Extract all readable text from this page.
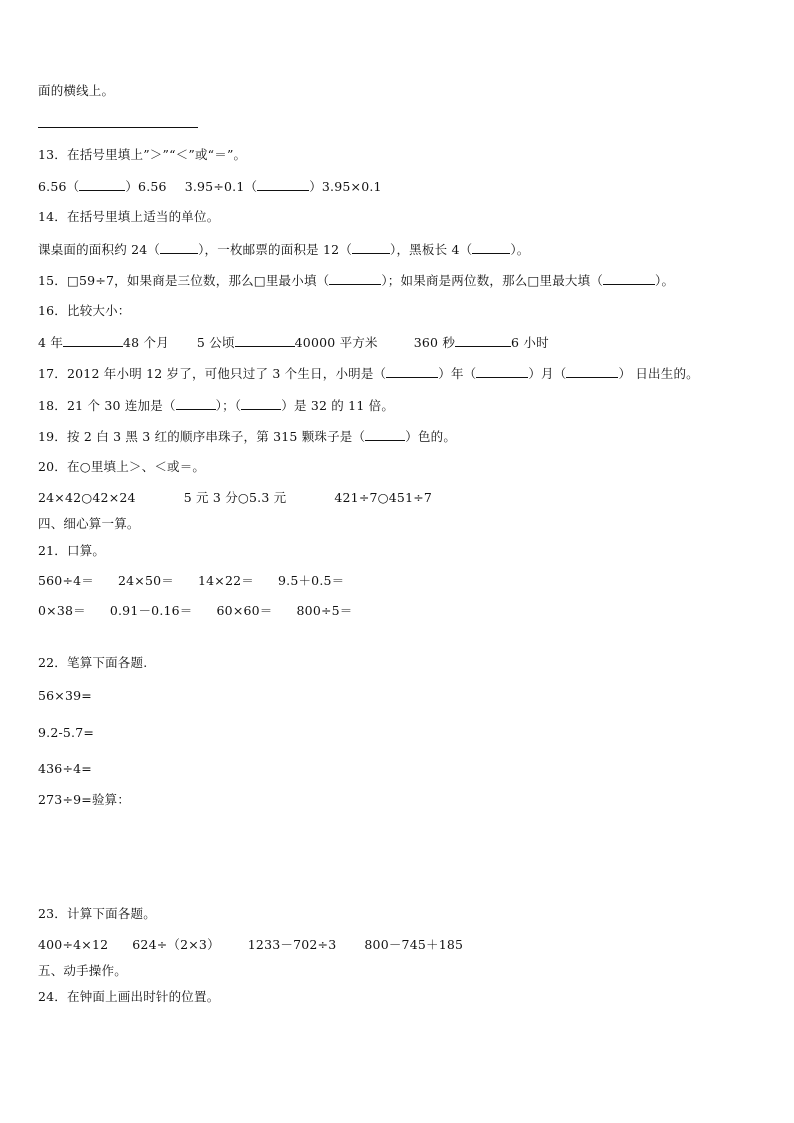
面的横线上。
13．在括号里填上”＞”“＜”或“＝”。
6.56（	）6.56 3.95÷0.1（	）3.95×0.1
14．在括号里填上适当的单位。
课桌面的面积约 24（	），一枚邮票的面积是 12（	），黑板长 4（	）。
15．□59÷7，如果商是三位数，那么□里最小填（	）；如果商是两位数，那么□里最大填（	）。
16．比较大小：
4 年	48 个月 5 公顷	40000 平方米	360 秒	6 小时
17．2012 年小明 12 岁了，可他只过了 3 个生日，小明是（	）年（	）月（	） 日出生的。
18．21 个 30 连加是（	）；（	）是 32 的 11 倍。
19．按 2 白 3 黑 3 红的顺序串珠子，第 315 颗珠子是（	）色的。
20．在○里填上＞、＜或＝。
24×42○42×24	5 元 3 分○5.3 元	421÷7○451÷7
四、细心算一算。
21．口算。
560÷4＝ 24×50＝ 14×22＝ 9.5＋0.5＝
0×38＝ 0.91－0.16＝ 60×60＝ 800÷5＝
22．笔算下面各题.
56×39=
9.2-5.7=
436÷4=
273÷9=验算：
23．计算下面各题。
400÷4×12 624÷（2×3） 1233－702÷3 800－745＋185
五、动手操作。
24．在钟面上画出时针的位置。
